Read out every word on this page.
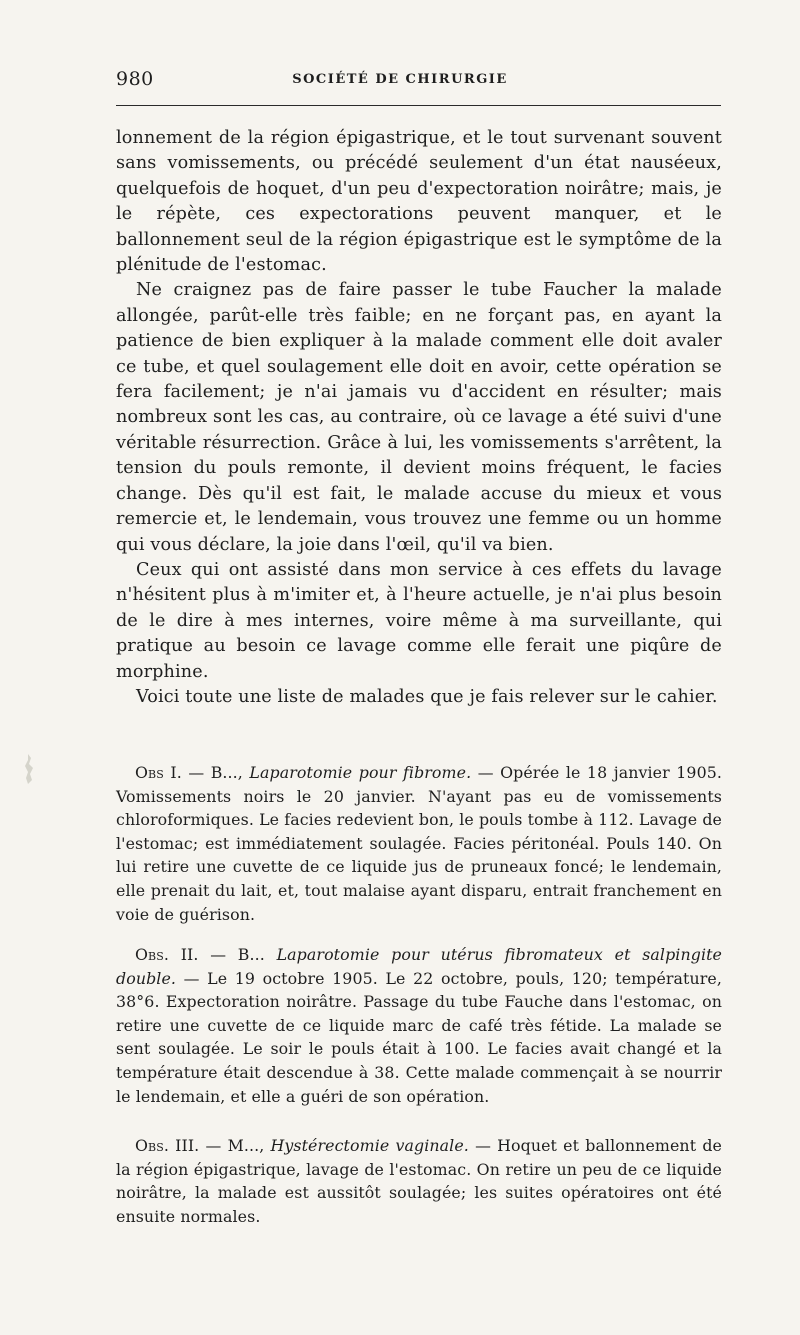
980	SOCIÉTÉ DE CHIRURGIE

lonnement de la région épigastrique, et le tout survenant souvent sans vomissements, ou précédé seulement d'un état nauséeux, quelquefois de hoquet, d'un peu d'expectoration noirâtre; mais, je le répète, ces expectorations peuvent manquer, et le ballonnement seul de la région épigastrique est le symptôme de la plénitude de l'estomac.

Ne craignez pas de faire passer le tube Faucher la malade allongée, parût-elle très faible; en ne forçant pas, en ayant la patience de bien expliquer à la malade comment elle doit avaler ce tube, et quel soulagement elle doit en avoir, cette opération se fera facilement; je n'ai jamais vu d'accident en résulter; mais nombreux sont les cas, au contraire, où ce lavage a été suivi d'une véritable résurrection. Grâce à lui, les vomissements s'arrêtent, la tension du pouls remonte, il devient moins fréquent, le facies change. Dès qu'il est fait, le malade accuse du mieux et vous remercie et, le lendemain, vous trouvez une femme ou un homme qui vous déclare, la joie dans l'œil, qu'il va bien.

Ceux qui ont assisté dans mon service à ces effets du lavage n'hésitent plus à m'imiter et, à l'heure actuelle, je n'ai plus besoin de le dire à mes internes, voire même à ma surveillante, qui pratique au besoin ce lavage comme elle ferait une piqûre de morphine.

Voici toute une liste de malades que je fais relever sur le cahier.

Obs I. — B..., Laparotomie pour fibrome. — Opérée le 18 janvier 1905. Vomissements noirs le 20 janvier. N'ayant pas eu de vomissements chloroformiques. Le facies redevient bon, le pouls tombe à 112. Lavage de l'estomac; est immédiatement soulagée. Facies péritonéal. Pouls 140. On lui retire une cuvette de ce liquide jus de pruneaux foncé; le lendemain, elle prenait du lait, et, tout malaise ayant disparu, entrait franchement en voie de guérison.

Obs. II. — B... Laparotomie pour utérus fibromateux et salpingite double. — Le 19 octobre 1905. Le 22 octobre, pouls, 120; température, 38°6. Expectoration noirâtre. Passage du tube Fauche dans l'estomac, on retire une cuvette de ce liquide marc de café très fétide. La malade se sent soulagée. Le soir le pouls était à 100. Le facies avait changé et la température était descendue à 38. Cette malade commençait à se nourrir le lendemain, et elle a guéri de son opération.

Obs. III. — M..., Hystérectomie vaginale. — Hoquet et ballonnement de la région épigastrique, lavage de l'estomac. On retire un peu de ce liquide noirâtre, la malade est aussitôt soulagée; les suites opératoires ont été ensuite normales.
